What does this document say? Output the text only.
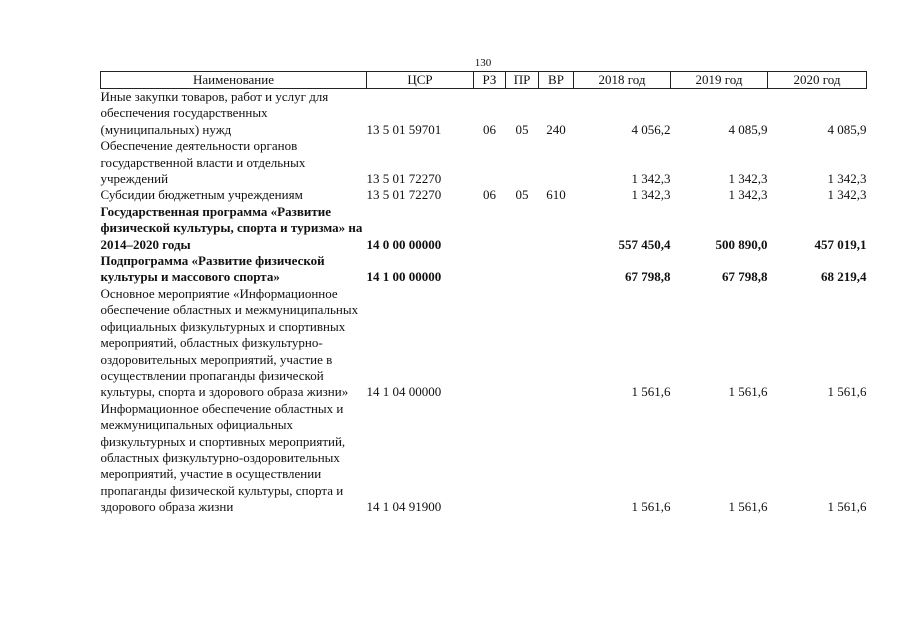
130
Наименование	ЦСР	РЗ	ПР	ВР	2018 год	2019 год	2020 год
Иные закупки товаров, работ и услуг для обеспечения государственных (муниципальных) нужд	13 5 01 59701	06	05	240	4 056,2	4 085,9	4 085,9
Обеспечение деятельности органов государственной власти и отдельных учреждений	13 5 01 72270				1 342,3	1 342,3	1 342,3
Субсидии бюджетным учреждениям	13 5 01 72270	06	05	610	1 342,3	1 342,3	1 342,3
Государственная программа «Развитие физической культуры, спорта и туризма» на 2014–2020 годы	14 0 00 00000				557 450,4	500 890,0	457 019,1
Подпрограмма «Развитие физической культуры и массового спорта»	14 1 00 00000				67 798,8	67 798,8	68 219,4
Основное мероприятие «Информационное обеспечение областных и межмуниципальных официальных физкультурных и спортивных мероприятий, областных физкультурно-оздоровительных мероприятий, участие в осуществлении пропаганды физической культуры, спорта и здорового образа жизни»	14 1 04 00000				1 561,6	1 561,6	1 561,6
Информационное обеспечение областных и межмуниципальных официальных физкультурных и спортивных мероприятий, областных физкультурно-оздоровительных мероприятий, участие в осуществлении пропаганды физической культуры, спорта и здорового образа жизни	14 1 04 91900				1 561,6	1 561,6	1 561,6
